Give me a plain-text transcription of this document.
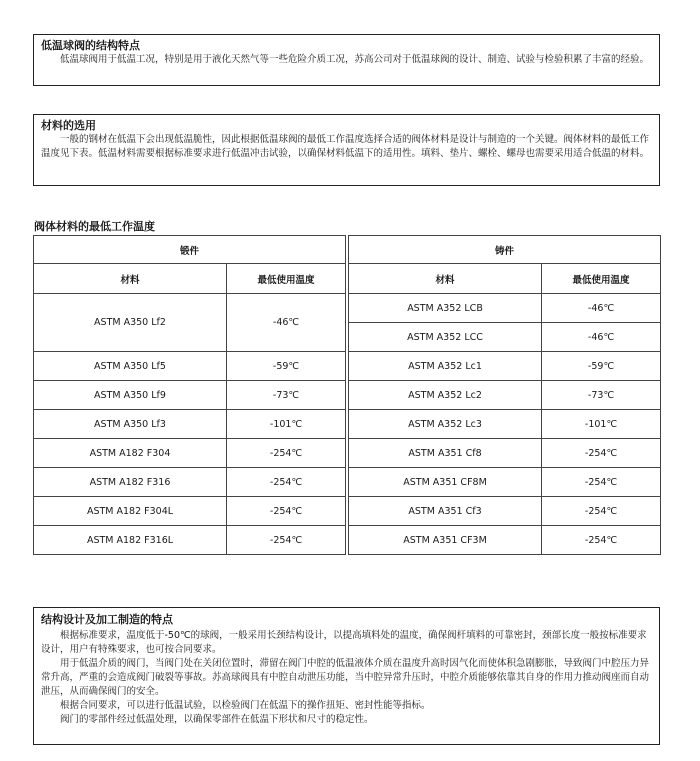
低温球阀的结构特点
低温球阀用于低温工况，特别是用于液化天然气等一些危险介质工况，苏高公司对于低温球阀的设计、制造、试验与检验积累了丰富的经验。
材料的选用
一般的钢材在低温下会出现低温脆性，因此根据低温球阀的最低工作温度选择合适的阀体材料是设计与制造的一个关键。阀体材料的最低工作温度见下表。低温材料需要根据标准要求进行低温冲击试验，以确保材料低温下的适用性。填料、垫片、螺栓、螺母也需要采用适合低温的材料。
阀体材料的最低工作温度
锻件			铸件	
材料	最低使用温度		材料	最低使用温度
ASTM A350 Lf2	-46℃		ASTM A352 LCB	-46℃
			ASTM A352 LCC	-46℃
ASTM A350 Lf5	-59℃		ASTM A352 Lc1	-59℃
ASTM A350 Lf9	-73℃		ASTM A352 Lc2	-73℃
ASTM A350 Lf3	-101℃		ASTM A352 Lc3	-101℃
ASTM A182 F304	-254℃		ASTM A351 Cf8	-254℃
ASTM A182 F316	-254℃		ASTM A351 CF8M	-254℃
ASTM A182 F304L	-254℃		ASTM A351 Cf3	-254℃
ASTM A182 F316L	-254℃		ASTM A351 CF3M	-254℃
结构设计及加工制造的特点
根据标准要求，温度低于-50℃的球阀，一般采用长颈结构设计，以提高填料处的温度，确保阀杆填料的可靠密封，颈部长度一般按标准要求设计，用户有特殊要求，也可按合同要求。
用于低温介质的阀门，当阀门处在关闭位置时，滞留在阀门中腔的低温液体介质在温度升高时因气化而使体积急剧膨胀，导致阀门中腔压力异常升高，严重的会造成阀门破裂等事故。苏高球阀具有中腔自动泄压功能，当中腔异常升压时，中腔介质能够依靠其自身的作用力推动阀座而自动泄压，从而确保阀门的安全。
根据合同要求，可以进行低温试验，以检验阀门在低温下的操作扭矩、密封性能等指标。
阀门的零部件经过低温处理，以确保零部件在低温下形状和尺寸的稳定性。
